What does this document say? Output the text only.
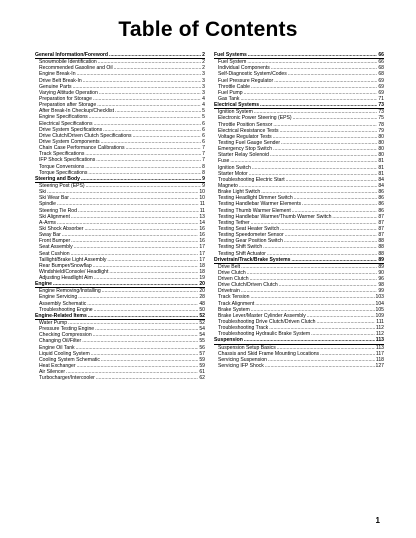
Table of Contents
General Information/Foreword .....	2
Snowmobile Identification .....	2
Recommended Gasoline and Oil .....	2
Engine Break-In .....	3
Drive Belt Break-In .....	3
Genuine Parts .....	3
Varying Altitude Operation .....	3
Preparation for Storage .....	4
Preparation after Storage .....	4
After Break-In Checkup/Checklist .....	5
Engine Specifications .....	5
Electrical Specifications .....	6
Drive System Specifications .....	6
Drive Clutch/Driven Clutch Specifications .....	6
Drive System Components .....	6
Chain Case Performance Calibrations .....	7
Track Specifications .....	7
IFP Shock Specifications .....	7
Torque Conversions .....	8
Torque Specifications .....	8
Steering and Body .....	9
Steering Post (EPS) .....	9
Ski .....	10
Ski Wear Bar .....	10
Spindle .....	11
Steering Tie Rod .....	11
Ski Alignment .....	13
A-Arms .....	14
Ski Shock Absorber .....	16
Sway Bar .....	16
Front Bumper .....	16
Seat Assembly .....	17
Seat Cushion .....	17
Taillight/Brake Light Assembly .....	17
Rear Bumper/Snowflap .....	18
Windshield/Console/ Headlight .....	18
Adjusting Headlight Aim .....	19
Engine .....	20
Engine Removing/Installing .....	20
Engine Servicing .....	28
Assembly Schematic .....	48
Troubleshooting Engine .....	50
Engine-Related Items .....	52
Water Pump .....	52
Pressure Testing Engine .....	54
Checking Compression .....	54
Changing Oil/Filter .....	55
Engine Oil Tank .....	56
Liquid Cooling System .....	57
Cooling System Schematic .....	59
Heat Exchanger .....	59
Air Silencer .....	61
Turbocharger/Intercooler .....	62
Fuel Systems .....	66
Fuel System .....	66
Individual Components .....	68
Self-Diagnostic System/Codes .....	68
Fuel Pressure Regulator .....	69
Throttle Cable .....	69
Fuel Pump .....	69
Gas Tank .....	71
Electrical Systems .....	73
Ignition System .....	73
Electronic Power Steering (EPS) .....	75
Throttle Position Sensor .....	78
Electrical Resistance Tests .....	79
Voltage Regulator Tests .....	80
Testing Fuel Gauge Sender .....	80
Emergency Stop Switch .....	80
Starter Relay Solenoid .....	80
Fuse .....	81
Ignition Switch .....	81
Starter Motor .....	81
Troubleshooting Electric Start .....	84
Magneto .....	84
Brake Light Switch .....	86
Testing Headlight Dimmer Switch .....	86
Testing Handlebar Warmer Elements .....	86
Testing Thumb Warmer Element .....	86
Testing Handlebar Warmer/Thumb Warmer Switch .....	87
Testing Tether .....	87
Testing Seat Heater Switch .....	87
Testing Speedometer Sensor .....	87
Testing Gear Position Switch .....	88
Testing Shift Switch .....	88
Testing Shift Actuator .....	88
Drivetrain/Track/Brake Systems .....	89
Drive Belt .....	89
Drive Clutch .....	90
Driven Clutch .....	96
Drive Clutch/Driven Clutch .....	98
Drivetrain .....	99
Track Tension .....	103
Track Alignment .....	104
Brake System .....	105
Brake Lever/Master Cylinder Assembly .....	109
Troubleshooting Drive Clutch/Driven Clutch .....	111
Troubleshooting Track .....	112
Troubleshooting Hydraulic Brake System .....	112
Suspension .....	113
Suspension Setup Basics .....	113
Chassis and Skid Frame Mounting Locations .....	117
Servicing Suspension .....	118
Servicing IFP Shock .....	127
1
